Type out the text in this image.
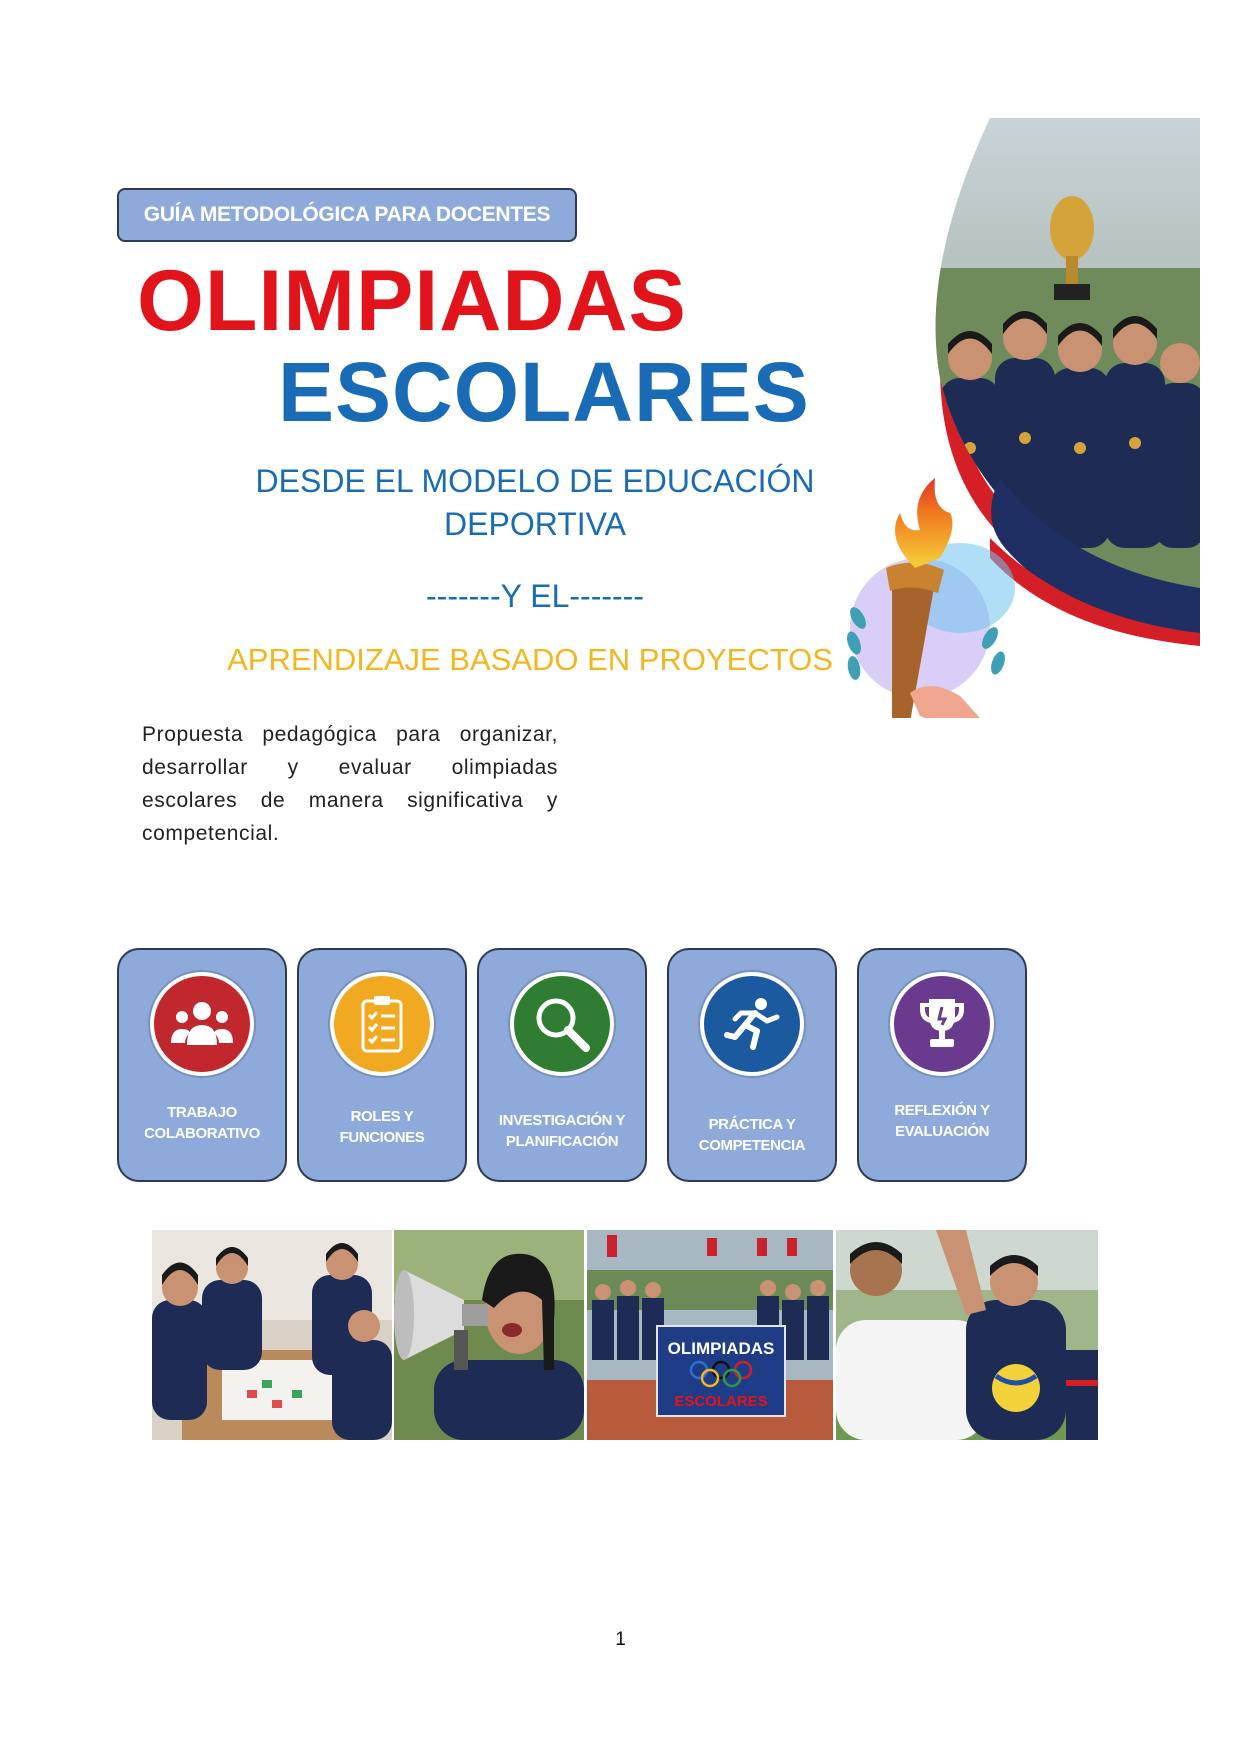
GUÍA METODOLÓGICA PARA DOCENTES
OLIMPIADAS
ESCOLARES
DESDE EL MODELO DE EDUCACIÓN
DEPORTIVA
-------Y EL-------
APRENDIZAJE BASADO EN PROYECTOS
Propuesta pedagógica para organizar, desarrollar y evaluar olimpiadas escolares de manera significativa y competencial.
TRABAJO
COLABORATIVO
ROLES Y
FUNCIONES
INVESTIGACIÓN Y
PLANIFICACIÓN
PRÁCTICA Y
COMPETENCIA
REFLEXIÓN Y
EVALUACIÓN
OLIMPIADAS
ESCOLARES
1
